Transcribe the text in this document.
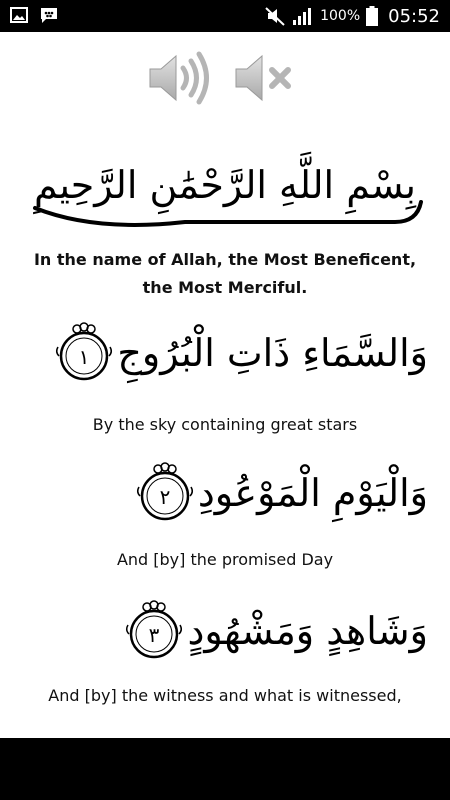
100% 05:52
بِسْمِ اللَّهِ الرَّحْمَٰنِ الرَّحِيمِ
In the name of Allah, the Most Beneficent, the Most Merciful.
١ وَالسَّمَاءِ ذَاتِ الْبُرُوجِ
By the sky containing great stars
٢ وَالْيَوْمِ الْمَوْعُودِ
And [by] the promised Day
٣ وَشَاهِدٍ وَمَشْهُودٍ
And [by] the witness and what is witnessed,
